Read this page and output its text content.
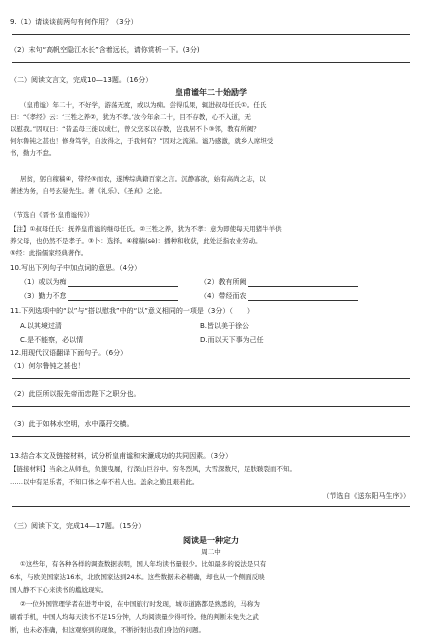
9.（1）请谈谈前两句有何作用？（3分）
（2）末句“高帆空隐江水长”含着远长，请你赏析一下。(3分)
（二）阅读文言文，完成10—13题。（16分）
皇甫谧年二十始励学
（皇甫谧）年二十，不好学，游荡无度，或以为痴。尝得瓜果，辄进叔母任氏①。任氏
曰：“《孝经》云：‘三牲之养②，犹为不孝。’汝今年余二十，目不存教，心不入道，无
以慰我。”因叹曰：“昔孟母三徙以成仁，曾父烹豕以存教，岂我居不卜③邻，教有所阙？
何尔鲁钝之甚也！修身笃学，自汝得之，于我何有？”因对之流涕。谧乃感激，就乡人席坦受
书，勤力不怠。
居贫，躬自稼穑④，带经⑤而农，遂博综典籍百家之言。沉静寡欲，始有高尚之志，以
著述为务，自号玄晏先生。著《礼乐》、《圣真》之论。
（节选自《晋书·皇甫谧传》）
【注】①叔母任氏：抚养皇甫谧的继母任氏。②三牲之养，犹为不孝：意为即使每天用猪牛羊供
养父母，也仍然不是孝子。③卜：选择。④稼穑(sè)：播种和收获，此处泛指农业劳动。
⑤经：此指儒家经典著作。
10.写出下列句子中加点词的意思。（4分）
（1）或以为痴	（2）教有所阙
（3）勤力不怠	（4）带经而农
11.下列选项中的“以”与“搭以慰我”中的“以”意义相同的一项是（3分）（　　）
A.以其境过清	B.皆以美于徐公
C.是不能察，必以情	D.而以天下事为己任
12.用现代汉语翻译下面句子。（6分）
（1）何尔鲁钝之甚也！
（2）此臣所以报先帝而忠陛下之职分也。
（3）此于如林水空明，水中藻荇交横。
13.结合本文及链接材料，试分析皇甫谧和宋濂成功的共同因素。（3分）
【链接材料】当余之从师也，负箧曳屣，行深山巨谷中。穷冬烈风，大雪深数尺，足肤皲裂而不知。
……以中有足乐者，不知口体之奉不若人也。盖余之勤且艰若此。
（节选自《送东阳马生序》）
（三）阅读下文，完成14—17题。（15分）
阅读是一种定力
周二中
①这些年，有各种各样的调查数据表明，国人年均读书量很少。比如最多的说法是只有
6本，与欧美国家达16本，北欧国家达到24本。这些数据未必精确，却也从一个侧面反映
国人静不下心来读书的尴尬现实。
②一位外国管理学者在进考中说，在中国旅行时发现，城市道路都是熟悉的，马称为
刷看手机，中国人均每天读书不足15分钟，人均阅读量少得可怜。他的判断未免失之武
断，也未必准确，但这观察到的现象，不断折射出我们身边的问题。
